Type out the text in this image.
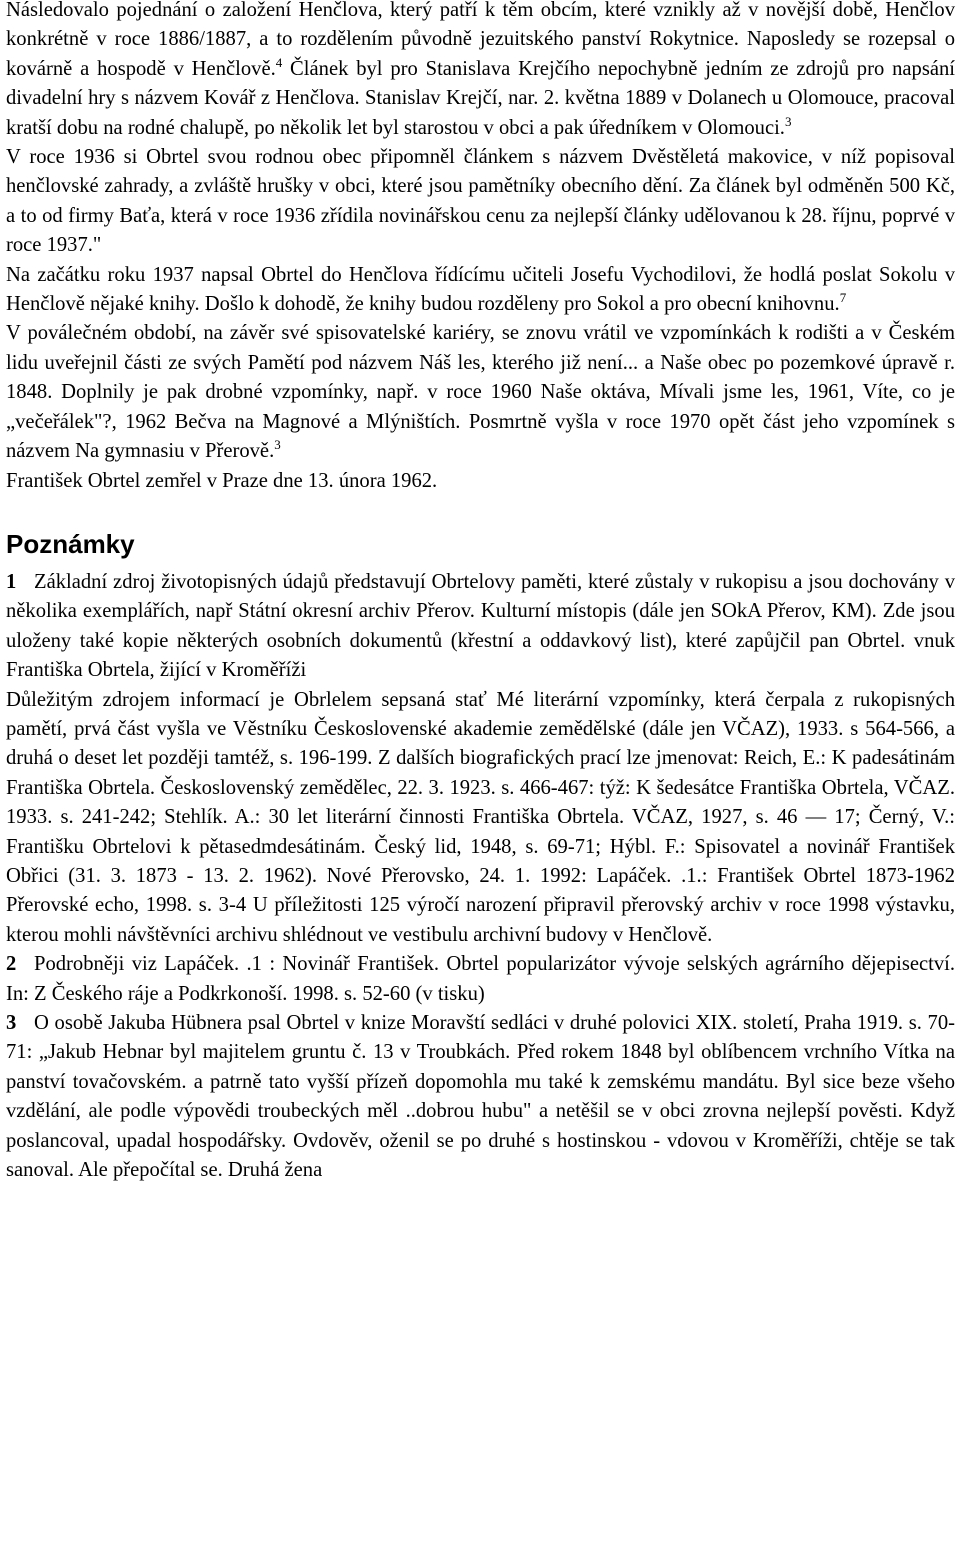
Následovalo pojednání o založení Henčlova, který patří k těm obcím, které vznikly až v novější době, Henčlov konkrétně v roce 1886/1887, a to rozdělením původně jezuitského panství Rokytnice. Naposledy se rozepsal o kovárně a hospodě v Henčlově.$^4$ Článek byl pro Stanislava Krejčího nepochybně jedním ze zdrojů pro napsání divadelní hry s názvem Kovář z Henčlova. Stanislav Krejčí, nar. 2. května 1889 v Dolanech u Olomouce, pracoval kratší dobu na rodné chalupě, po několik let byl starostou v obci a pak úředníkem v Olomouci.$^3$

V roce 1936 si Obrtel svou rodnou obec připomněl článkem s názvem Dvěstěletá makovice, v níž popisoval henčlovské zahrady, a zvláště hrušky v obci, které jsou pamětníky obecního dění. Za článek byl odměněn 500 Kč, a to od firmy Baťa, která v roce 1936 zřídila novinářskou cenu za nejlepší články udělovanou k 28. říjnu, poprvé v roce 1937."

Na začátku roku 1937 napsal Obrtel do Henčlova řídícímu učiteli Josefu Vychodilovi, že hodlá poslat Sokolu v Henčlově nějaké knihy. Došlo k dohodě, že knihy budou rozděleny pro Sokol a pro obecní knihovnu.$^7$

V poválečném období, na závěr své spisovatelské kariéry, se znovu vrátil ve vzpomínkách k rodišti a v Českém lidu uveřejnil části ze svých Pamětí pod názvem Náš les, kterého již není... a Naše obec po pozemkové úpravě r. 1848. Doplnily je pak drobné vzpomínky, např. v roce 1960 Naše oktáva, Mívali jsme les, 1961, Víte, co je „večeřálek"?, 1962 Bečva na Magnové a Mlýništích. Posmrtně vyšla v roce 1970 opět část jeho vzpomínek s názvem Na gymnasiu v Přerově.$^3$

František Obrtel zemřel v Praze dne 13. února 1962.

Poznámky

1 Základní zdroj životopisných údajů představují Obrtelovy paměti, které zůstaly v rukopisu a jsou dochovány v několika exemplářích, např Státní okresní archiv Přerov. Kulturní místopis (dále jen SOkA Přerov, KM). Zde jsou uloženy také kopie některých osobních dokumentů (křestní a oddavkový list), které zapůjčil pan Obrtel. vnuk Františka Obrtela, žijící v Kroměříži

Důležitým zdrojem informací je Obrlelem sepsaná stať Mé literární vzpomínky, která čerpala z rukopisných pamětí, prvá část vyšla ve Věstníku Československé akademie zemědělské (dále jen VČAZ), 1933. s 564-566, a druhá o deset let později tamtéž, s. 196-199. Z dalších biografických prací lze jmenovat: Reich, E.: K padesátinám Františka Obrtela. Československý zemědělec, 22. 3. 1923. s. 466-467: týž: K šedesátce Františka Obrtela, VČAZ. 1933. s. 241-242; Stehlík. A.: 30 let literární činnosti Františka Obrtela. VČAZ, 1927, s. 46 — 17; Černý, V.: Františku Obrtelovi k pětasedmdesátinám. Český lid, 1948, s. 69-71; Hýbl. F.: Spisovatel a novinář František Obřici (31. 3. 1873 - 13. 2. 1962). Nové Přerovsko, 24. 1. 1992: Lapáček. .1.: František Obrtel 1873-1962 Přerovské echo, 1998. s. 3-4 U příležitosti 125 výročí narození připravil přerovský archiv v roce 1998 výstavku, kterou mohli návštěvníci archivu shlédnout ve vestibulu archivní budovy v Henčlově.

2 Podrobněji viz Lapáček. .1 : Novinář František. Obrtel popularizátor vývoje selských agrárního dějepisectví. In: Z Českého ráje a Podkrkonoší. 1998. s. 52-60 (v tisku)

3 O osobě Jakuba Hübnera psal Obrtel v knize Moravští sedláci v druhé polovici XIX. století, Praha 1919. s. 70-71: „Jakub Hebnar byl majitelem gruntu č. 13 v Troubkách. Před rokem 1848 byl oblíbencem vrchního Vítka na panství tovačovském. a patrně tato vyšší přízeň dopomohla mu také k zemskému mandátu. Byl sice beze všeho vzdělání, ale podle výpovědi troubeckých měl ..dobrou hubu" a netěšil se v obci zrovna nejlepší pověsti. Když poslancoval, upadal hospodářsky. Ovdověv, oženil se po druhé s hostinskou - vdovou v Kroměříži, chtěje se tak sanoval. Ale přepočítal se. Druhá žena
